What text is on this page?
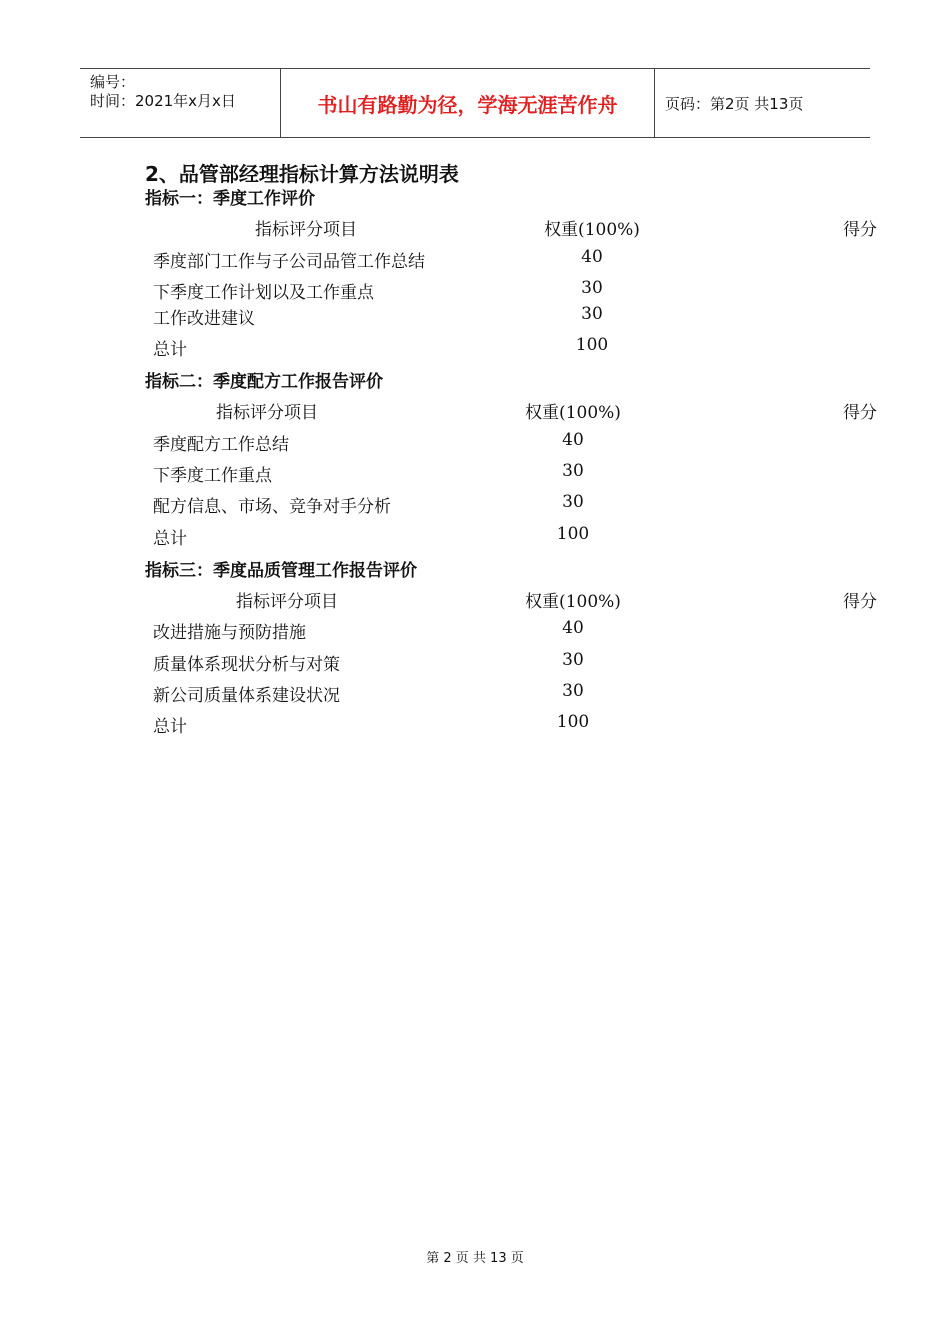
编号：
时间：2021年x月x日	书山有路勤为径，学海无涯苦作舟	页码：第2页 共13页
2、品管部经理指标计算方法说明表
指标一：季度工作评价
指标评分项目	权重(100%)	得分
季度部门工作与子公司品管工作总结	40
下季度工作计划以及工作重点	30
工作改进建议	30
总计	100
指标二：季度配方工作报告评价
指标评分项目	权重(100%)	得分
季度配方工作总结	40
下季度工作重点	30
配方信息、市场、竞争对手分析	30
总计	100
指标三：季度品质管理工作报告评价
指标评分项目	权重(100%)	得分
改进措施与预防措施	40
质量体系现状分析与对策	30
新公司质量体系建设状况	30
总计	100
第 2 页 共 13 页
